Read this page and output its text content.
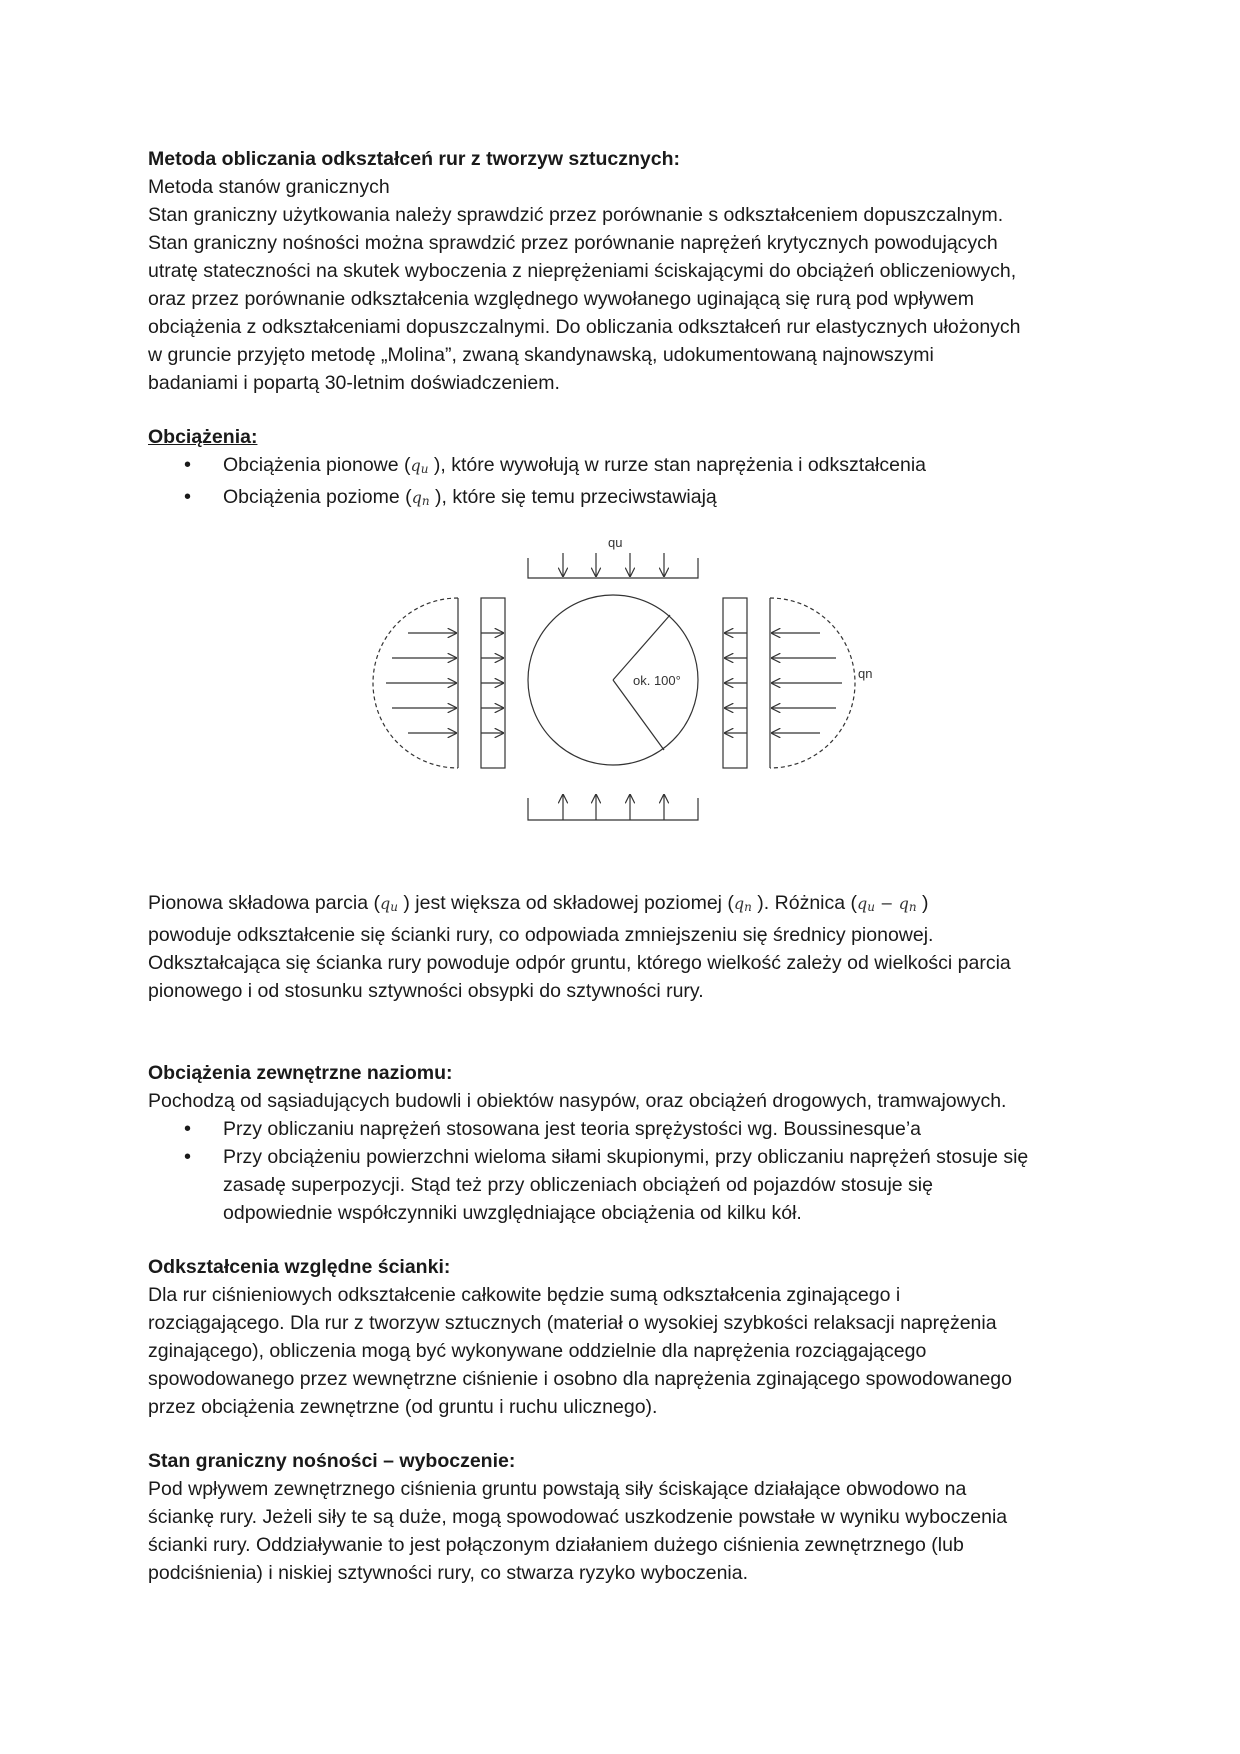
Metoda obliczania odkształceń rur z tworzyw sztucznych:
Metoda stanów granicznych
Stan graniczny użytkowania należy sprawdzić przez porównanie s odkształceniem dopuszczalnym.
Stan graniczny nośności można sprawdzić przez porównanie naprężeń krytycznych powodujących
utratę stateczności na skutek wyboczenia z nieprężeniami ściskającymi do obciążeń obliczeniowych,
oraz przez porównanie odkształcenia względnego wywołanego uginającą się rurą pod wpływem
obciążenia z odkształceniami dopuszczalnymi. Do obliczania odkształceń rur elastycznych ułożonych
w gruncie przyjęto metodę „Molina”, zwaną skandynawską, udokumentowaną najnowszymi
badaniami i popartą 30-letnim doświadczeniem.
Obciążenia:
• Obciążenia pionowe ($q_u$ ), które wywołują w rurze stan naprężenia i odkształcenia
• Obciążenia poziome ($q_n$ ), które się temu przeciwstawiają
qu
qn
ok. 100°
Pionowa składowa parcia ($q_u$ ) jest większa od składowej poziomej ($q_n$ ). Różnica ($q_u - q_n$ )
powoduje odkształcenie się ścianki rury, co odpowiada zmniejszeniu się średnicy pionowej.
Odkształcająca się ścianka rury powoduje odpór gruntu, którego wielkość zależy od wielkości parcia
pionowego i od stosunku sztywności obsypki do sztywności rury.
Obciążenia zewnętrzne naziomu:
Pochodzą od sąsiadujących budowli i obiektów nasypów, oraz obciążeń drogowych, tramwajowych.
• Przy obliczaniu naprężeń stosowana jest teoria sprężystości wg. Boussinesque’a
• Przy obciążeniu powierzchni wieloma siłami skupionymi, przy obliczaniu naprężeń stosuje się
zasadę superpozycji. Stąd też przy obliczeniach obciążeń od pojazdów stosuje się
odpowiednie współczynniki uwzględniające obciążenia od kilku kół.
Odkształcenia względne ścianki:
Dla rur ciśnieniowych odkształcenie całkowite będzie sumą odkształcenia zginającego i
rozciągającego. Dla rur z tworzyw sztucznych (materiał o wysokiej szybkości relaksacji naprężenia
zginającego), obliczenia mogą być wykonywane oddzielnie dla naprężenia rozciągającego
spowodowanego przez wewnętrzne ciśnienie i osobno dla naprężenia zginającego spowodowanego
przez obciążenia zewnętrzne (od gruntu i ruchu ulicznego).
Stan graniczny nośności – wyboczenie:
Pod wpływem zewnętrznego ciśnienia gruntu powstają siły ściskające działające obwodowo na
ściankę rury. Jeżeli siły te są duże, mogą spowodować uszkodzenie powstałe w wyniku wyboczenia
ścianki rury. Oddziaływanie to jest połączonym działaniem dużego ciśnienia zewnętrznego (lub
podciśnienia) i niskiej sztywności rury, co stwarza ryzyko wyboczenia.
